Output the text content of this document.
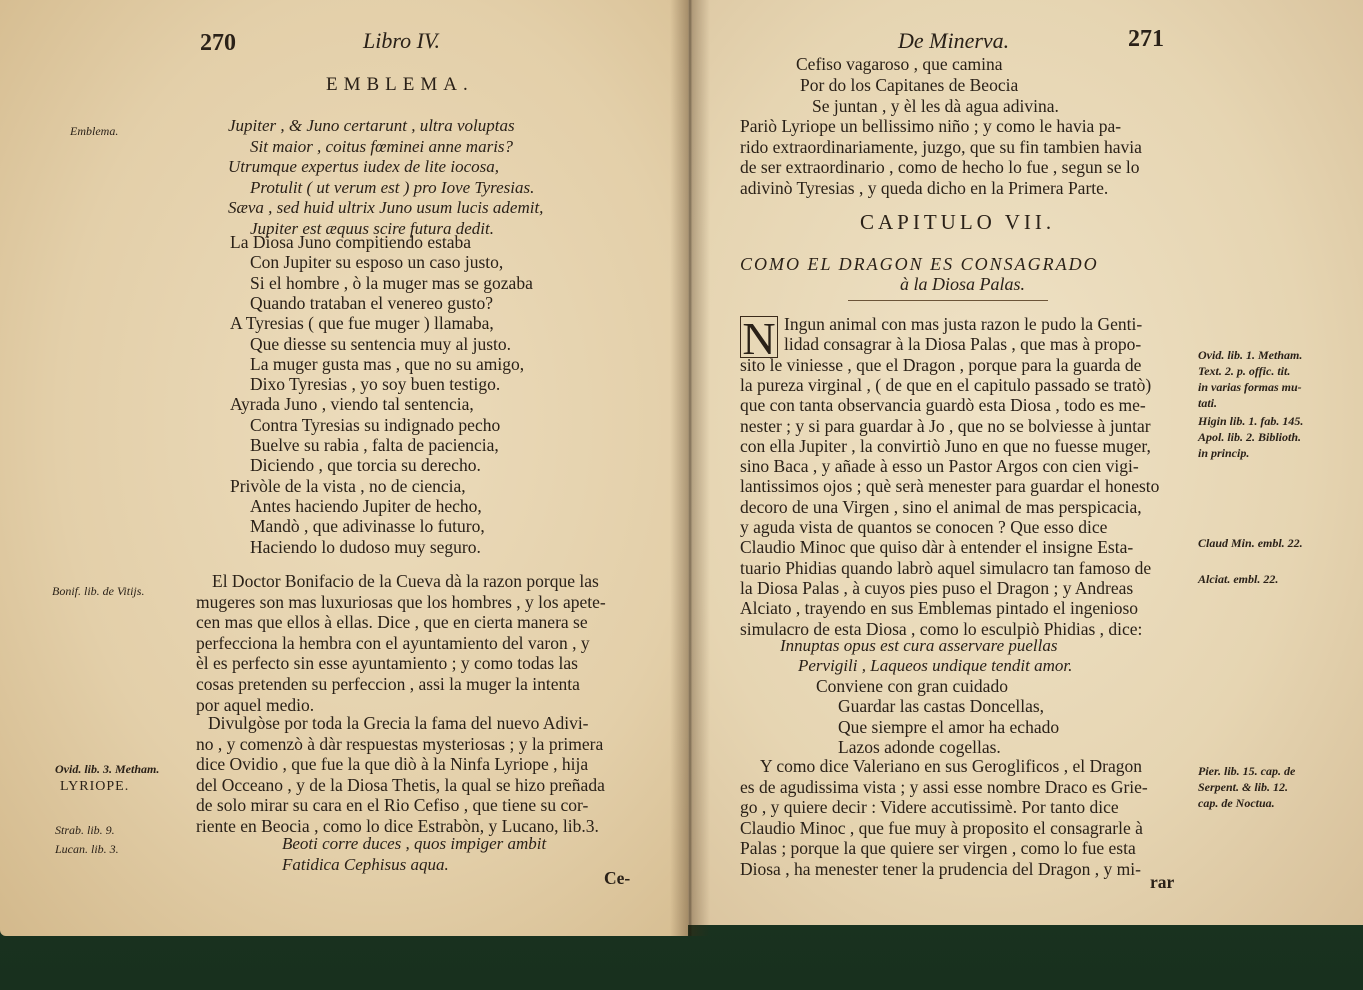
270	Libro IV.
EMBLEMA.
Emblema.	Jupiter , & Juno certarunt , ultra voluptas
Sit maior , coitus fœminei anne maris?
Utrumque expertus iudex de lite iocosa,
Protulit ( ut verum est ) pro Iove Tyresias.
Sæva , sed huid ultrix Juno usum lucis ademit,
Jupiter est æquus scire futura dedit.
La Diosa Juno compitiendo estaba
Con Jupiter su esposo un caso justo,
Si el hombre , ò la muger mas se gozaba
Quando trataban el venereo gusto?
A Tyresias ( que fue muger ) llamaba,
Que diesse su sentencia muy al justo.
La muger gusta mas , que no su amigo,
Dixo Tyresias , yo soy buen testigo.
Ayrada Juno , viendo tal sentencia,
Contra Tyresias su indignado pecho
Buelve su rabia , falta de paciencia,
Diciendo , que torcia su derecho.
Privòle de la vista , no de ciencia,
Antes haciendo Jupiter de hecho,
Mandò , que adivinasse lo futuro,
Haciendo lo dudoso muy seguro.
Bonif. lib. de Vitijs.	El Doctor Bonifacio de la Cueva dà la razon porque las
mugeres son mas luxuriosas que los hombres , y los apete-
cen mas que ellos à ellas. Dice , que en cierta manera se
perfecciona la hembra con el ayuntamiento del varon , y
èl es perfecto sin esse ayuntamiento ; y como todas las
cosas pretenden su perfeccion , assi la muger la intenta
por aquel medio.
Divulgòse por toda la Grecia la fama del nuevo Adivi-
no , y comenzò à dàr respuestas mysteriosas ; y la primera
dice Ovidio , que fue la que diò à la Ninfa Lyriope , hija
del Occeano , y de la Diosa Thetis, la qual se hizo preñada
de solo mirar su cara en el Rio Cefiso , que tiene su cor-
riente en Beocia , como lo dice Estrabòn, y Lucano, lib.3.
Ovid. lib. 3. Metham.
LYRIOPE.
Strab. lib. 9.
Lucan. lib. 3.	Beoti corre duces , quos impiger ambit
Fatidica Cephisus aqua.
Ce-
De Minerva.	271
Cefiso vagaroso , que camina
Por do los Capitanes de Beocia
Se juntan , y èl les dà agua adivina.
Pariò Lyriope un bellissimo niño ; y como le havia pa-
rido extraordinariamente, juzgo, que su fin tambien havia
de ser extraordinario , como de hecho lo fue , segun se lo
adivinò Tyresias , y queda dicho en la Primera Parte.
CAPITULO VII.
COMO EL DRAGON ES CONSAGRADO
à la Diosa Palas.
N Ingun animal con mas justa razon le pudo la Genti-
lidad consagrar à la Diosa Palas , que mas à propo-
sito le viniesse , que el Dragon , porque para la guarda de
la pureza virginal , ( de que en el capitulo passado se tratò)
que con tanta observancia guardò esta Diosa , todo es me-
nester ; y si para guardar à Jo , que no se bolviesse à juntar
con ella Jupiter , la convirtiò Juno en que no fuesse muger,
sino Baca , y añade à esso un Pastor Argos con cien vigi-
lantissimos ojos ; què serà menester para guardar el honesto
decoro de una Virgen , sino el animal de mas perspicacia,
y aguda vista de quantos se conocen ? Que esso dice
Claudio Minoc que quiso dàr à entender el insigne Esta-
tuario Phidias quando labrò aquel simulacro tan famoso de
la Diosa Palas , à cuyos pies puso el Dragon ; y Andreas
Alciato , trayendo en sus Emblemas pintado el ingenioso
simulacro de esta Diosa , como lo esculpiò Phidias , dice:
Innuptas opus est cura asservare puellas
Pervigili , Laqueos undique tendit amor.
Conviene con gran cuidado
Guardar las castas Doncellas,
Que siempre el amor ha echado
Lazos adonde cogellas.
Y como dice Valeriano en sus Geroglificos , el Dragon
es de agudissima vista ; y assi esse nombre Draco es Grie-
go , y quiere decir : Videre accutissimè. Por tanto dice
Claudio Minoc , que fue muy à proposito el consagrarle à
Palas ; porque la que quiere ser virgen , como lo fue esta
Diosa , ha menester tener la prudencia del Dragon , y mi-
rar
Ovid. lib. 1. Metham.
Text. 2. p. offic. tit.
in varias formas mu-
tati.
Higin lib. 1. fab. 145.
Apol. lib. 2. Biblioth.
in princip.
Claud Min. embl. 22.
Alciat. embl. 22.
Pier. lib. 15. cap. de
Serpent. & lib. 12.
cap. de Noctua.
